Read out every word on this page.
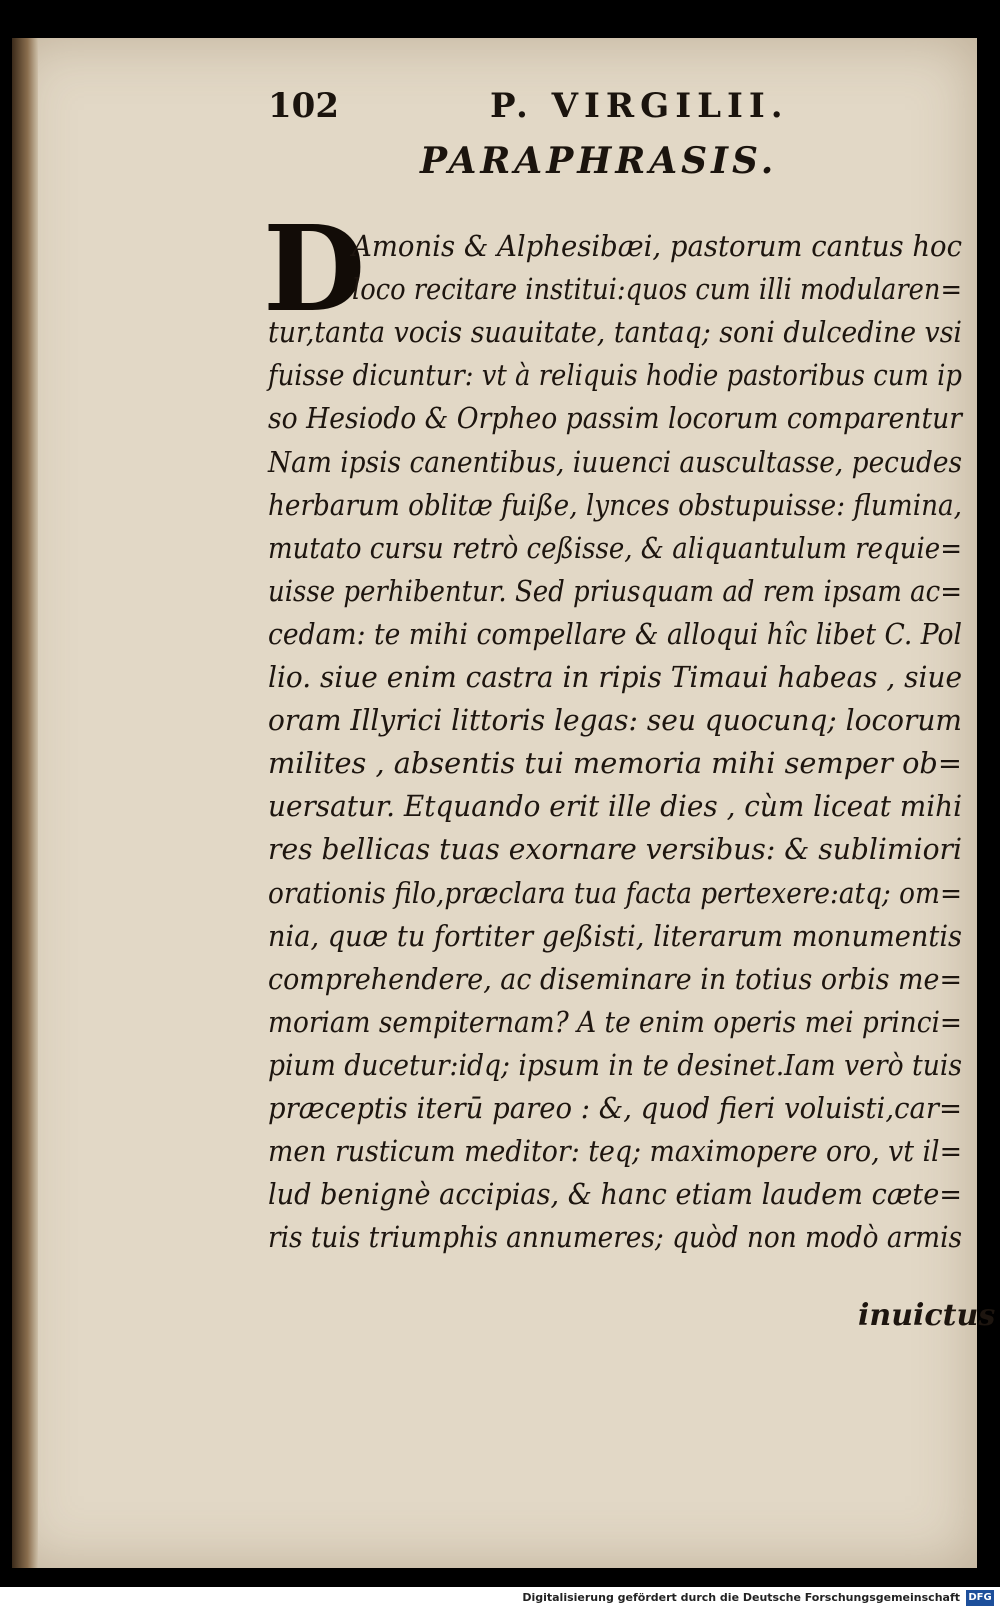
102	P. VIRGILII.
PARAPHRASIS.
D
Amonis & Alphesibæi, pastorum cantus hoc
loco recitare institui:quos cum illi modularen=
tur,tanta vocis suauitate, tantaq; soni dulcedine vsi
fuisse dicuntur: vt à reliquis hodie pastoribus cum ip
so Hesiodo & Orpheo passim locorum comparentur
Nam ipsis canentibus, iuuenci auscultasse, pecudes
herbarum oblitæ fuiße, lynces obstupuisse: flumina,
mutato cursu retrò ceßisse, & aliquantulum requie=
uisse perhibentur. Sed priusquam ad rem ipsam ac=
cedam: te mihi compellare & alloqui hîc libet C. Pol
lio. siue enim castra in ripis Timaui habeas , siue
oram Illyrici littoris legas: seu quocunq; locorum
milites , absentis tui memoria mihi semper ob=
uersatur. Etquando erit ille dies , cùm liceat mihi
res bellicas tuas exornare versibus: & sublimiori
orationis filo,præclara tua facta pertexere:atq; om=
nia, quæ tu fortiter geßisti, literarum monumentis
comprehendere, ac diseminare in totius orbis me=
moriam sempiternam? A te enim operis mei princi=
pium ducetur:idq; ipsum in te desinet.Iam verò tuis
præceptis iterū pareo : &, quod fieri voluisti,car=
men rusticum meditor: teq; maximopere oro, vt il=
lud benignè accipias, & hanc etiam laudem cæte=
ris tuis triumphis annumeres; quòd non modò armis
inuictus
Digitalisierung gefördert durch die Deutsche Forschungsgemeinschaft DFG
